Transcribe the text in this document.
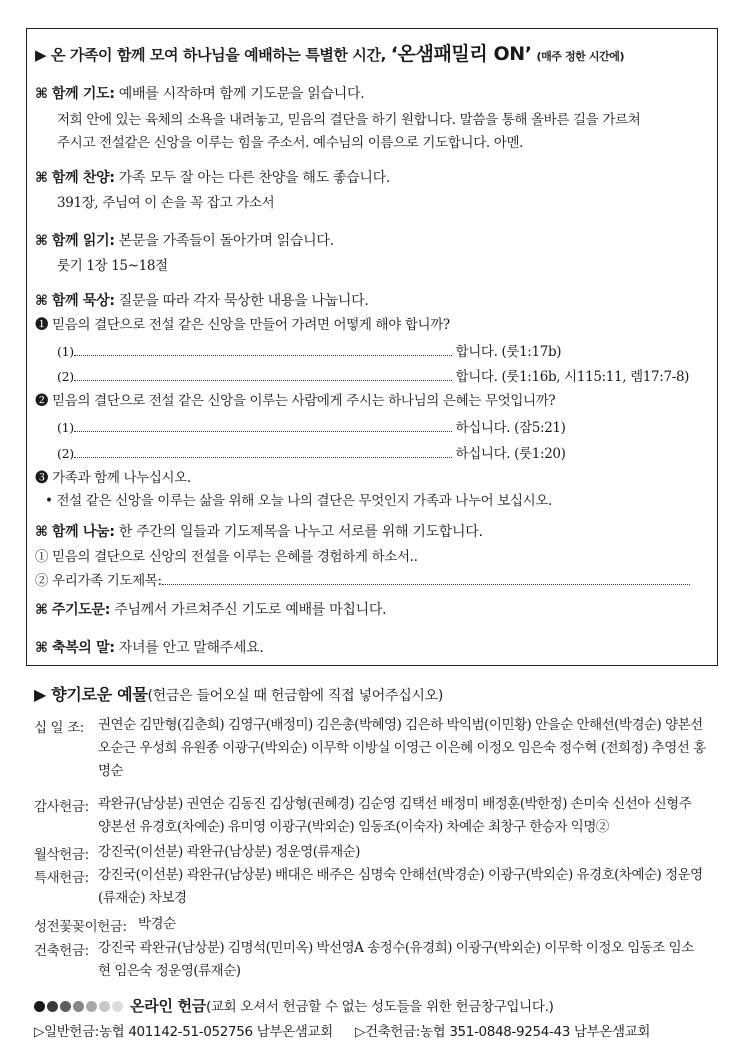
▶ 온 가족이 함께 모여 하나님을 예배하는 특별한 시간, ‘온샘패밀리 ON’ (매주 정한 시간에)
⌘ 함께 기도: 예배를 시작하며 함께 기도문을 읽습니다.
저희 안에 있는 육체의 소욕을 내려놓고, 믿음의 결단을 하기 원합니다. 말씀을 통해 올바른 길을 가르쳐
주시고 전설같은 신앙을 이루는 힘을 주소서. 예수님의 이름으로 기도합니다. 아멘.
⌘ 함께 찬양: 가족 모두 잘 아는 다른 찬양을 해도 좋습니다.
391장, 주님여 이 손을 꼭 잡고 가소서
⌘ 함께 읽기: 본문을 가족들이 돌아가며 읽습니다.
룻기 1장 15~18절
⌘ 함께 묵상: 질문을 따라 각자 묵상한 내용을 나눕니다.
❶ 믿음의 결단으로 전설 같은 신앙을 만들어 가려면 어떻게 해야 합니까?
(1)	합니다. (룻1:17b)
(2)	합니다. (룻1:16b, 시115:11, 렘17:7-8)
❷ 믿음의 결단으로 전설 같은 신앙을 이루는 사람에게 주시는 하나님의 은혜는 무엇입니까?
(1)	하십니다. (잠5:21)
(2)	하십니다. (룻1:20)
❸ 가족과 함께 나누십시오.
• 전설 같은 신앙을 이루는 삶을 위해 오늘 나의 결단은 무엇인지 가족과 나누어 보십시오.
⌘ 함께 나눔: 한 주간의 일들과 기도제목을 나누고 서로를 위해 기도합니다.
① 믿음의 결단으로 신앙의 전설을 이루는 은혜를 경험하게 하소서..
② 우리가족 기도제목:
⌘ 주기도문: 주님께서 가르쳐주신 기도로 예배를 마칩니다.
⌘ 축복의 말: 자녀를 안고 말해주세요.
▶ 향기로운 예물(헌금은 들어오실 때 헌금함에 직접 넣어주십시오)
십 일 조: 권연순 김만형(김춘희) 김영구(배정미) 김은총(박혜영) 김은하 박익범(이민황) 안을순 안해선(박경순) 양본선 오순근 우성희 유원종 이광구(박외순) 이무학 이방실 이영근 이은혜 이정오 임은숙 정수혁 (전희정) 추영선 홍명순
감사헌금: 곽완규(남상분) 권연순 김동진 김상형(권혜경) 김순영 김택선 배정미 배정훈(박한정) 손미숙 신선아 신형주 양본선 유경호(차예순) 유미영 이광구(박외순) 임동조(이숙자) 차예순 최창구 한승자 익명②
월삭헌금: 강진국(이선분) 곽완규(남상분) 정운영(류재순)
특새헌금: 강진국(이선분) 곽완규(남상분) 배대은 배주은 심명숙 안해선(박경순) 이광구(박외순) 유경호(차예순) 정운영(류재순) 차보경
성전꽃꽂이헌금: 박경순
건축헌금: 강진국 곽완규(남상분) 김명석(민미옥) 박선영A 송정수(유경희) 이광구(박외순) 이무학 이정오 임동조 임소현 임은숙 정운영(류재순)
온라인 헌금(교회 오셔서 헌금할 수 없는 성도들을 위한 헌금창구입니다.)
▷일반헌금:농협 401142-51-052756 남부온샘교회 ▷건축헌금:농협 351-0848-9254-43 남부온샘교회
